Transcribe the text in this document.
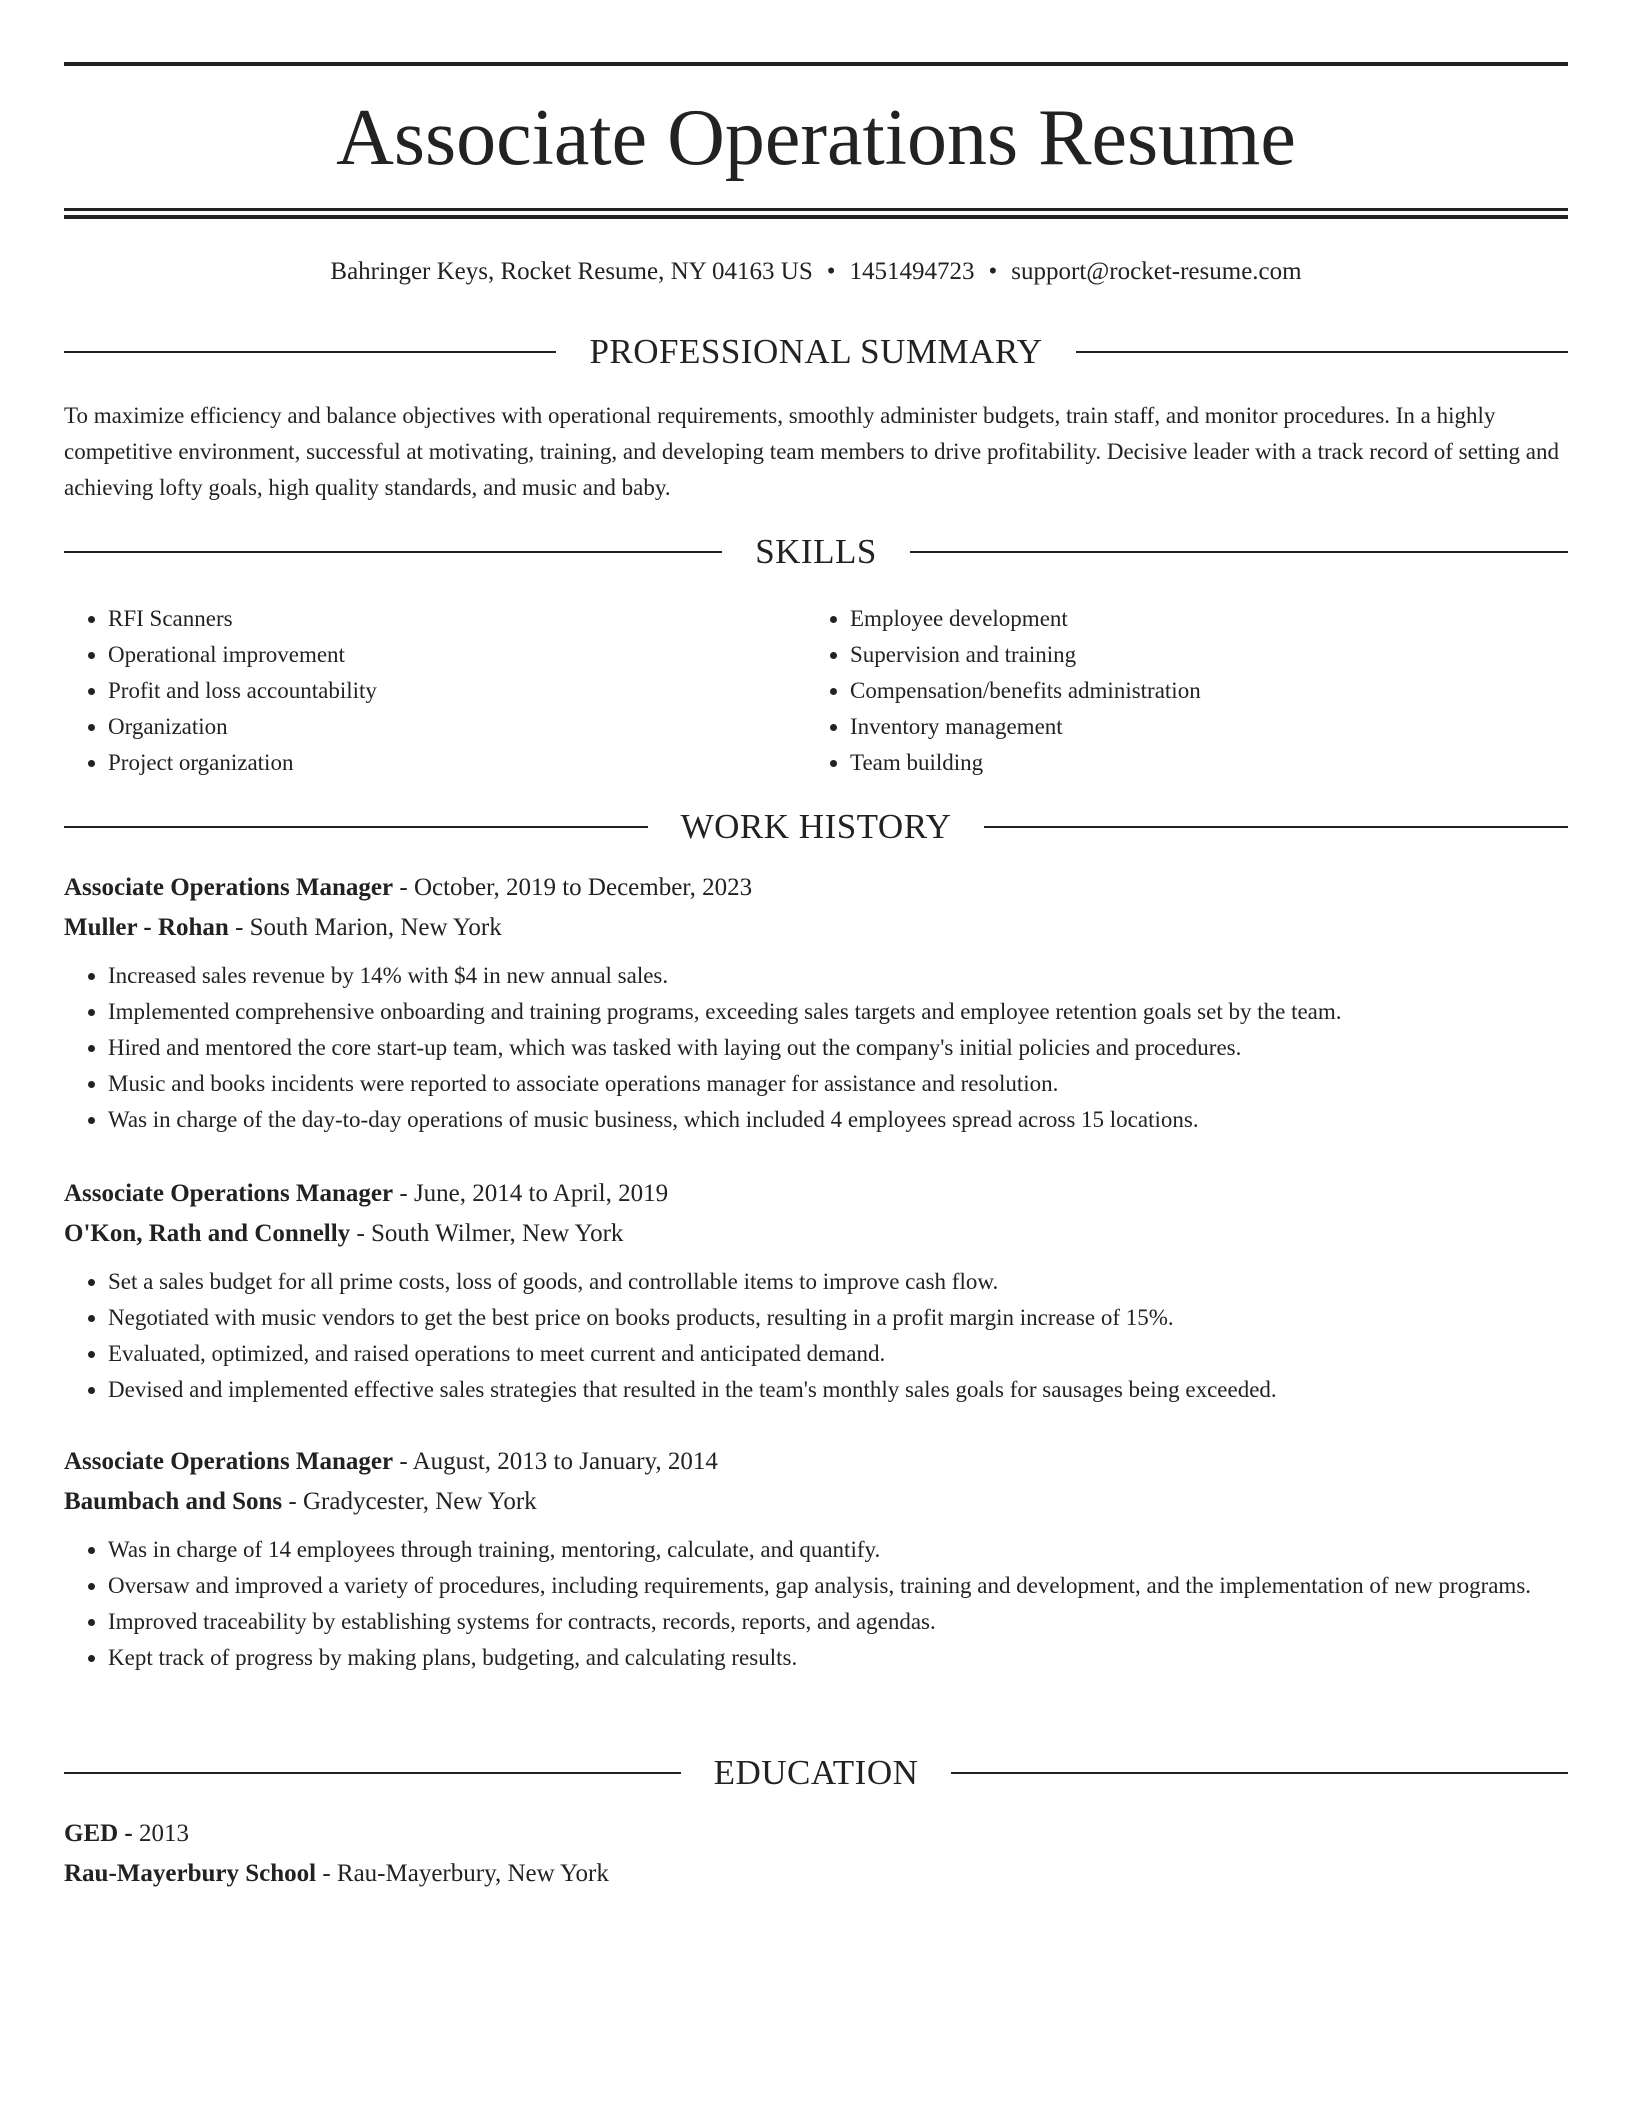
Associate Operations Resume
Bahringer Keys, Rocket Resume, NY 04163 US • 1451494723 • support@rocket-resume.com
PROFESSIONAL SUMMARY

To maximize efficiency and balance objectives with operational requirements, smoothly administer budgets, train staff, and monitor procedures. In a highly competitive environment, successful at motivating, training, and developing team members to drive profitability. Decisive leader with a track record of setting and achieving lofty goals, high quality standards, and music and baby.

SKILLS
• RFI Scanners
• Operational improvement
• Profit and loss accountability
• Organization
• Project organization
• Employee development
• Supervision and training
• Compensation/benefits administration
• Inventory management
• Team building
WORK HISTORY
Associate Operations Manager - October, 2019 to December, 2023
Muller - Rohan - South Marion, New York
• Increased sales revenue by 14% with $4 in new annual sales.
• Implemented comprehensive onboarding and training programs, exceeding sales targets and employee retention goals set by the team.
• Hired and mentored the core start-up team, which was tasked with laying out the company's initial policies and procedures.
• Music and books incidents were reported to associate operations manager for assistance and resolution.
• Was in charge of the day-to-day operations of music business, which included 4 employees spread across 15 locations.
Associate Operations Manager - June, 2014 to April, 2019
O'Kon, Rath and Connelly - South Wilmer, New York
• Set a sales budget for all prime costs, loss of goods, and controllable items to improve cash flow.
• Negotiated with music vendors to get the best price on books products, resulting in a profit margin increase of 15%.
• Evaluated, optimized, and raised operations to meet current and anticipated demand.
• Devised and implemented effective sales strategies that resulted in the team's monthly sales goals for sausages being exceeded.
Associate Operations Manager - August, 2013 to January, 2014
Baumbach and Sons - Gradycester, New York
• Was in charge of 14 employees through training, mentoring, calculate, and quantify.
• Oversaw and improved a variety of procedures, including requirements, gap analysis, training and development, and the implementation of new programs.
• Improved traceability by establishing systems for contracts, records, reports, and agendas.
• Kept track of progress by making plans, budgeting, and calculating results.
EDUCATION
GED - 2013
Rau-Mayerbury School - Rau-Mayerbury, New York
